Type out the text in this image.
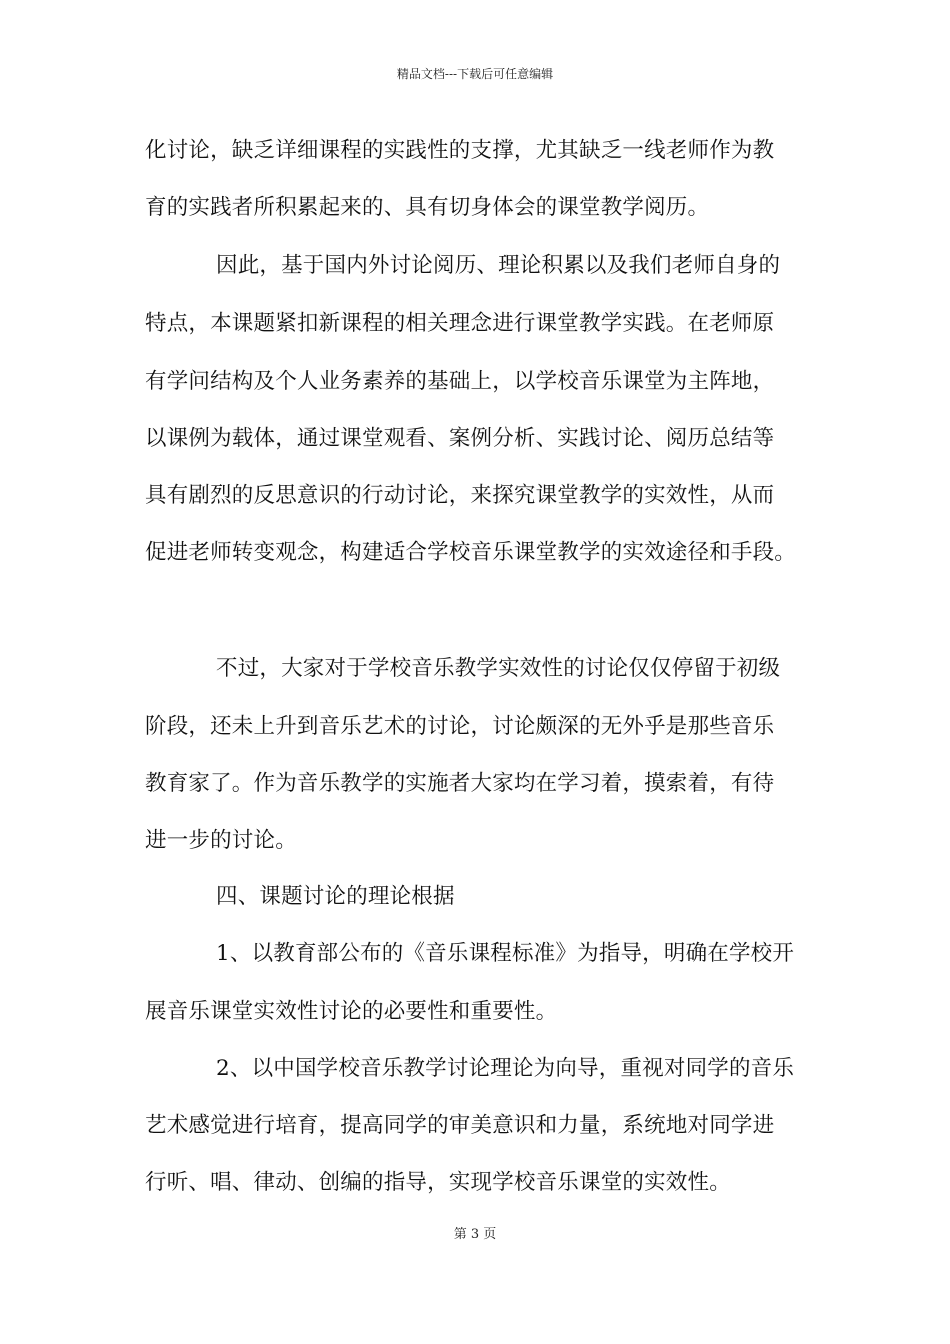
精品文档---下载后可任意编辑
化讨论，缺乏详细课程的实践性的支撑，尤其缺乏一线老师作为教
育的实践者所积累起来的、具有切身体会的课堂教学阅历。
因此，基于国内外讨论阅历、理论积累以及我们老师自身的
特点，本课题紧扣新课程的相关理念进行课堂教学实践。在老师原
有学问结构及个人业务素养的基础上，以学校音乐课堂为主阵地，
以课例为载体，通过课堂观看、案例分析、实践讨论、阅历总结等
具有剧烈的反思意识的行动讨论，来探究课堂教学的实效性，从而
促进老师转变观念，构建适合学校音乐课堂教学的实效途径和手段。
不过，大家对于学校音乐教学实效性的讨论仅仅停留于初级
阶段，还未上升到音乐艺术的讨论，讨论颇深的无外乎是那些音乐
教育家了。作为音乐教学的实施者大家均在学习着，摸索着，有待
进一步的讨论。
四、课题讨论的理论根据
1、以教育部公布的《音乐课程标准》为指导，明确在学校开
展音乐课堂实效性讨论的必要性和重要性。
2、以中国学校音乐教学讨论理论为向导，重视对同学的音乐
艺术感觉进行培育，提高同学的审美意识和力量，系统地对同学进
行听、唱、律动、创编的指导，实现学校音乐课堂的实效性。
第 3 页
